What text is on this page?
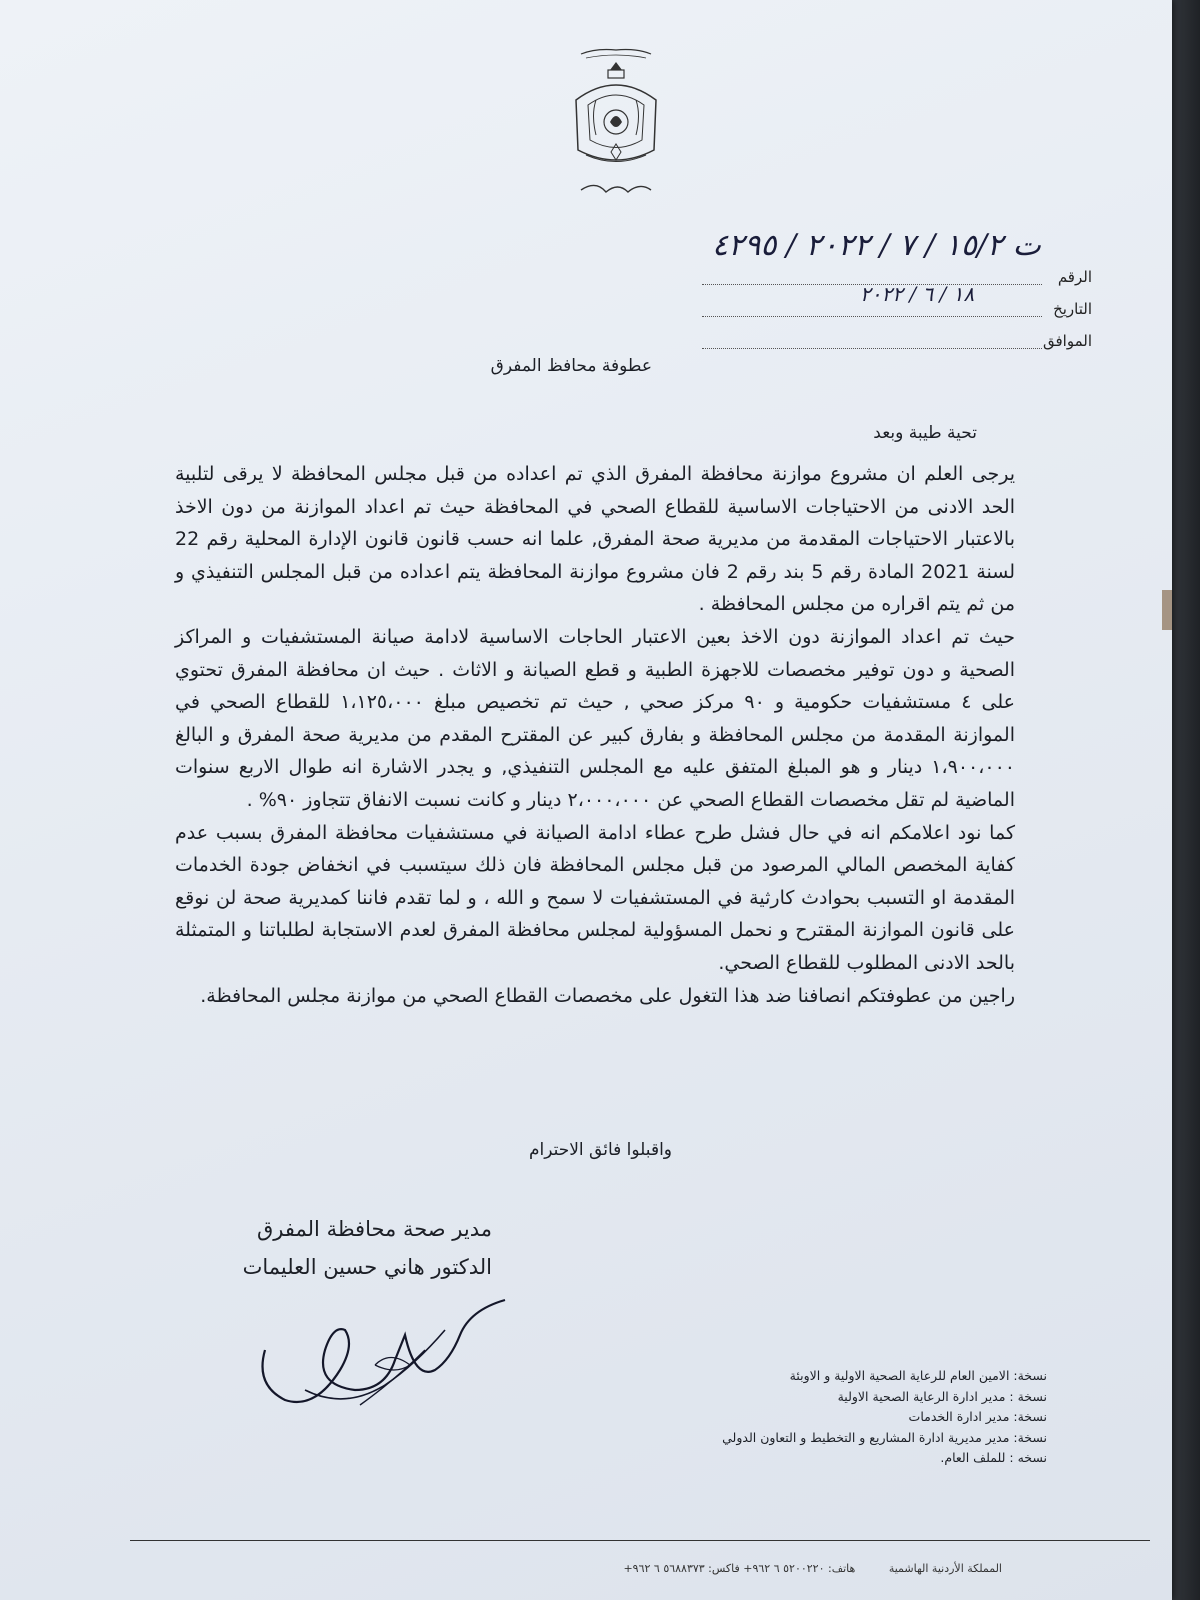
الرقم
ت ١٥/٢ / ٧ / ٢٠٢٢ / ٤٢٩٥
التاريخ
١٨ / ٦ / ٢٠٢٢
الموافق
عطوفة محافظ المفرق
تحية طيبة وبعد

يرجى العلم ان مشروع موازنة محافظة المفرق الذي تم اعداده من قبل مجلس المحافظة لا يرقى لتلبية الحد الادنى من الاحتياجات الاساسية للقطاع الصحي في المحافظة حيث تم اعداد الموازنة من دون الاخذ بالاعتبار الاحتياجات المقدمة من مديرية صحة المفرق, علما انه حسب قانون قانون الإدارة المحلية رقم 22 لسنة 2021 المادة رقم 5 بند رقم 2 فان مشروع موازنة المحافظة يتم اعداده من قبل المجلس التنفيذي و من ثم يتم اقراره من مجلس المحافظة .

حيث تم اعداد الموازنة دون الاخذ بعين الاعتبار الحاجات الاساسية لادامة صيانة المستشفيات و المراكز الصحية و دون توفير مخصصات للاجهزة الطبية و قطع الصيانة و الاثاث . حيث ان محافظة المفرق تحتوي على ٤ مستشفيات حكومية و ٩٠ مركز صحي , حيث تم تخصيص مبلغ ١،١٢٥،٠٠٠ للقطاع الصحي في الموازنة المقدمة من مجلس المحافظة و بفارق كبير عن المقترح المقدم من مديرية صحة المفرق و البالغ ١،٩٠٠،٠٠٠ دينار و هو المبلغ المتفق عليه مع المجلس التنفيذي, و يجدر الاشارة انه طوال الاربع سنوات الماضية لم تقل مخصصات القطاع الصحي عن ٢،٠٠٠،٠٠٠ دينار و كانت نسبت الانفاق تتجاوز ٩٠% .

كما نود اعلامكم انه في حال فشل طرح عطاء ادامة الصيانة في مستشفيات محافظة المفرق بسبب عدم كفاية المخصص المالي المرصود من قبل مجلس المحافظة فان ذلك سيتسبب في انخفاض جودة الخدمات المقدمة او التسبب بحوادث كارثية في المستشفيات لا سمح و الله ، و لما تقدم فاننا كمديرية صحة لن نوقع على قانون الموازنة المقترح و نحمل المسؤولية لمجلس محافظة المفرق لعدم الاستجابة لطلباتنا و المتمثلة بالحد الادنى المطلوب للقطاع الصحي.

راجين من عطوفتكم انصافنا ضد هذا التغول على مخصصات القطاع الصحي من موازنة مجلس المحافظة.

واقبلوا فائق الاحترام
مدير صحة محافظة المفرق
الدكتور هاني حسين العليمات
نسخة: الامين العام للرعاية الصحية الاولية و الاوبئة
نسخة : مدير ادارة الرعاية الصحية الاولية
نسخة: مدير ادارة الخدمات
نسخة: مدير مديرية ادارة المشاريع و التخطيط و التعاون الدولي
نسخه : للملف العام.
المملكة الأردنية الهاشمية هاتف: ٥٢٠٠٢٢٠ ٦ ٩٦٢+ فاكس: ٥٦٨٨٣٧٣ ٦ ٩٦٢+
